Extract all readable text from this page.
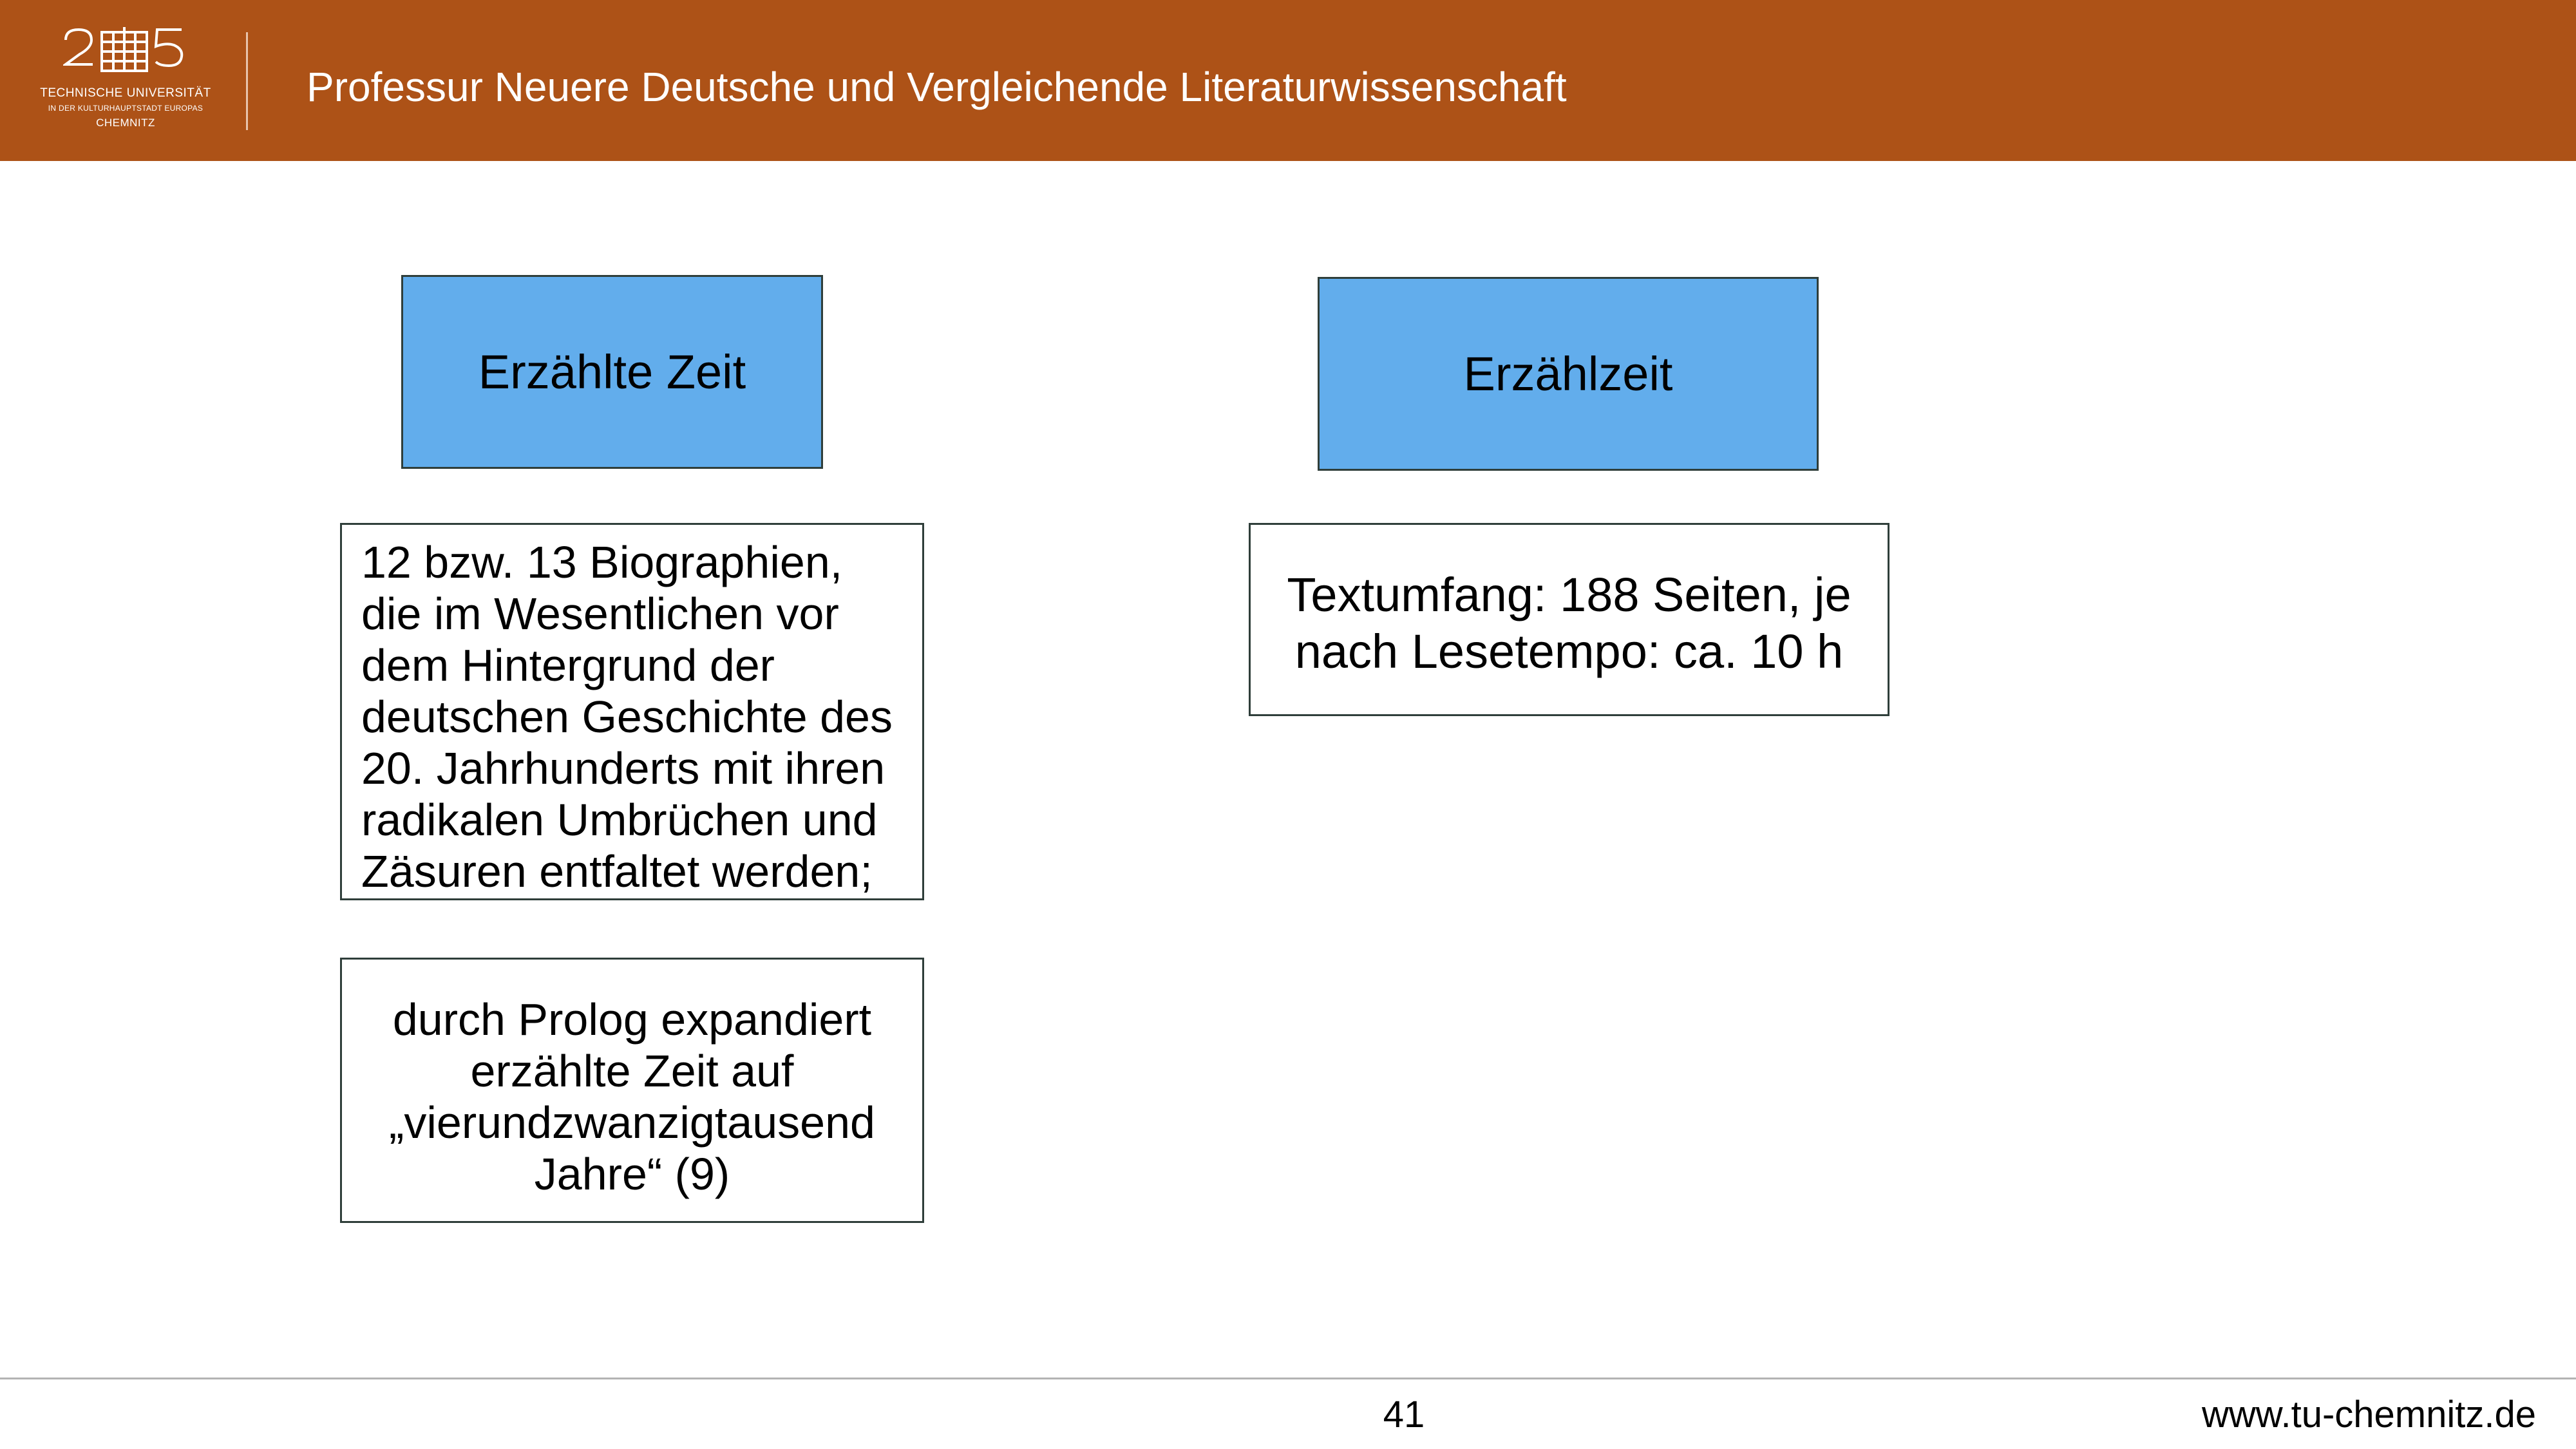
TECHNISCHE UNIVERSITÄT
IN DER KULTURHAUPTSTADT EUROPAS
CHEMNITZ
Professur Neuere Deutsche und Vergleichende Literaturwissenschaft
Erzählte Zeit	Erzählzeit
12 bzw. 13 Biographien, die im Wesentlichen vor dem Hintergrund der deutschen Geschichte des 20. Jahrhunderts mit ihren radikalen Umbrüchen und Zäsuren entfaltet werden;
durch Prolog expandiert erzählte Zeit auf „vierundzwanzigtausend Jahre“ (9)
Textumfang: 188 Seiten, je nach Lesetempo: ca. 10 h
41	www.tu-chemnitz.de
